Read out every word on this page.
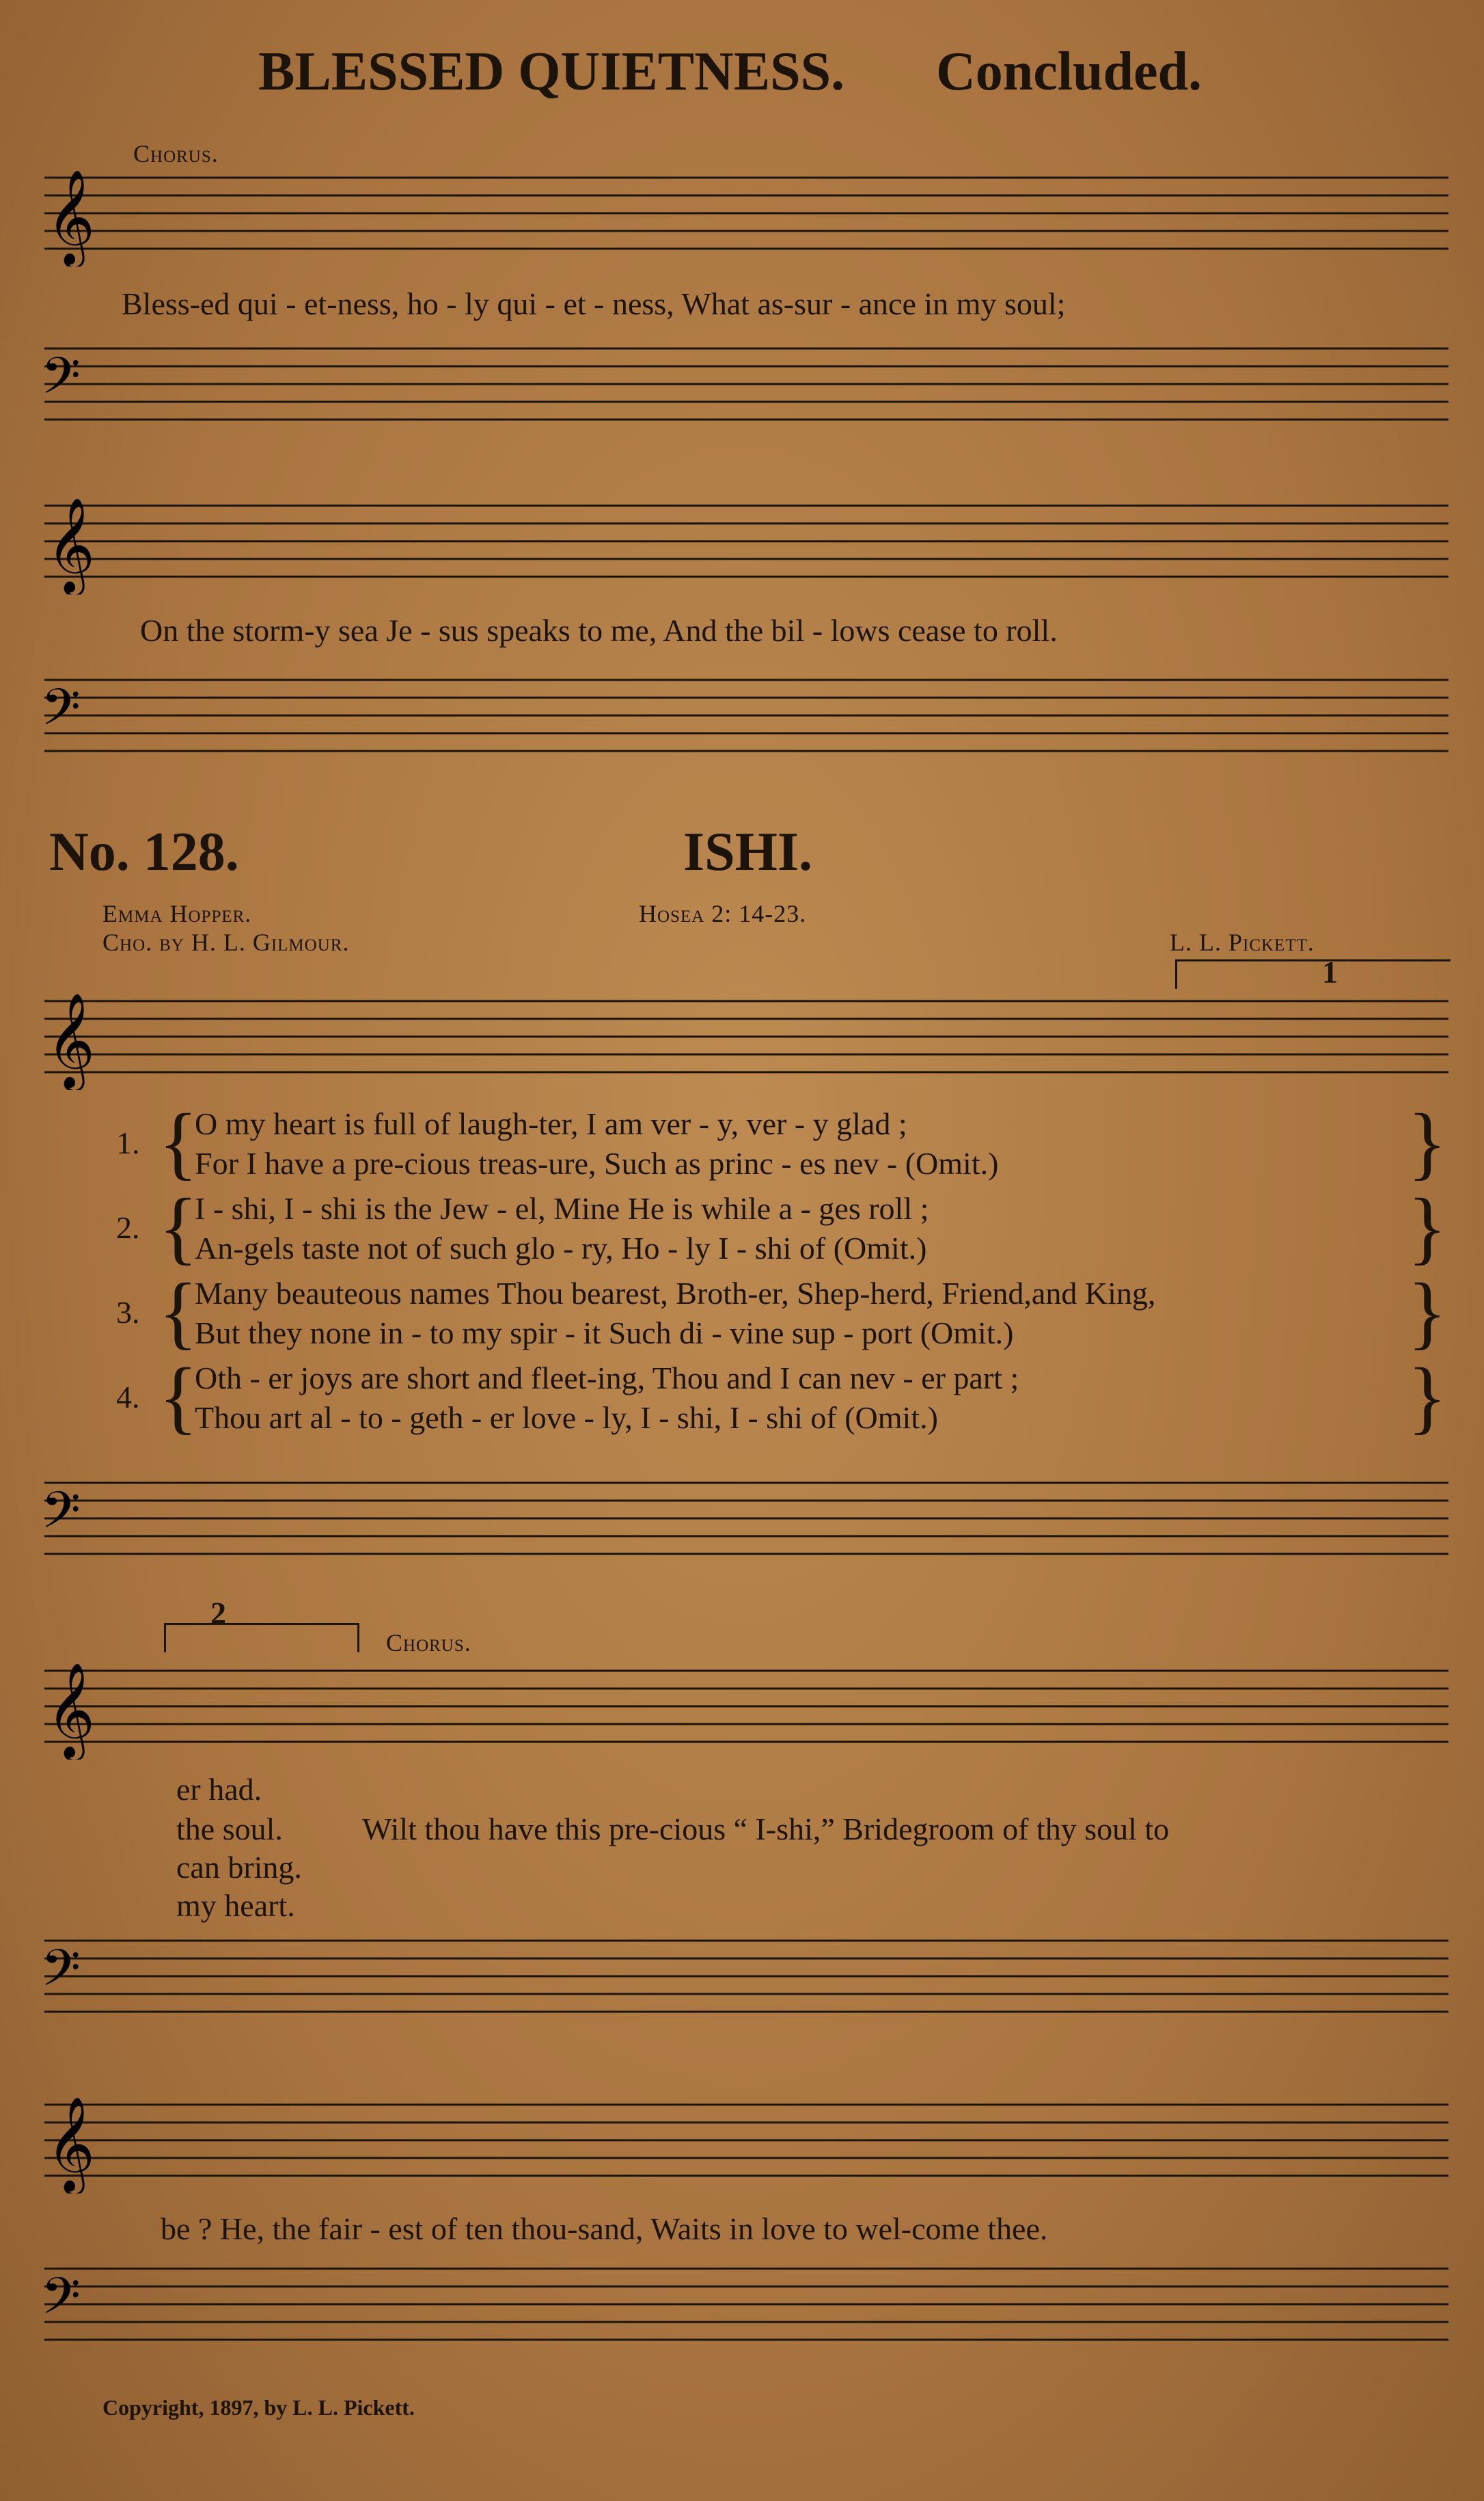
BLESSED QUIETNESS. Concluded.
Chorus.
𝄞
Bless-ed qui - et-ness, ho - ly qui - et - ness, What as-sur - ance in my soul;
𝄢
𝄞
On the storm-y sea Je - sus speaks to me, And the bil - lows cease to roll.
𝄢
No. 128.	ISHI.
Emma Hopper.
Cho. by H. L. Gilmour.
Hosea 2: 14-23.
L. L. Pickett.
1
𝄞
1. {
O my heart is full of laugh-ter, I am ver - y, ver - y glad ;
For I have a pre-cious treas-ure, Such as princ - es nev - (Omit.)	}
2. {
I - shi, I - shi is the Jew - el, Mine He is while a - ges roll ;
An-gels taste not of such glo - ry, Ho - ly I - shi of (Omit.)	}
3. {
Many beauteous names Thou bearest, Broth-er, Shep-herd, Friend,and King,
But they none in - to my spir - it Such di - vine sup - port (Omit.)	}
4. {
Oth - er joys are short and fleet-ing, Thou and I can nev - er part ;
Thou art al - to - geth - er love - ly, I - shi, I - shi of (Omit.)	}
𝄢
2
Chorus.
𝄞
er had.
the soul.	Wilt thou have this pre-cious “ I-shi,” Bridegroom of thy soul to
can bring.
my heart.
𝄢
𝄞
be ? He, the fair - est of ten thou-sand, Waits in love to wel-come thee.
𝄢
Copyright, 1897, by L. L. Pickett.
